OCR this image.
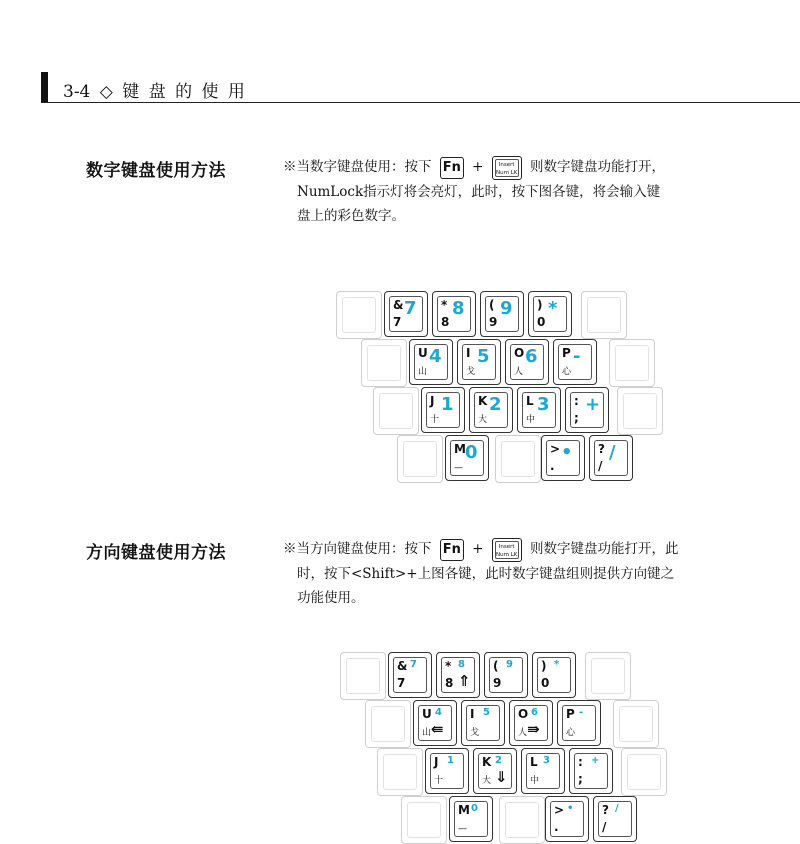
3-4 ◇ 键 盘 的 使 用
数字键盘使用方法	※当数字键盘使用：按下 Fn +	Insert
Num LK 则数字键盘功能打开，
NumLock指示灯将会亮灯，此时，按下图各键，将会输入键
盘上的彩色数字。
&
7
7 *
8
8 (
9
9 )
0
*
U
山
4 I
戈
5 O
人
6 P
心
-
J
十
1 K
大
2 L
中
3 :
;
+
M
—
0	>
.
• ?
/
/
方向键盘使用方法	※当方向键盘使用：按下 Fn +	Insert
Num LK 则数字键盘功能打开，此
时，按下<Shift>+上图各键，此时数字键盘组则提供方向键之
功能使用。
&
7
7 *
8
8
⇑
(
9
9 )
0
*
U
山
4
⇚
I
戈
5 O
人
6
⇛
P
心
-
J
十
1 K
大
2
⇓
L
中
3 :
;
+
M
—
0	>
.
• ?
/
/
